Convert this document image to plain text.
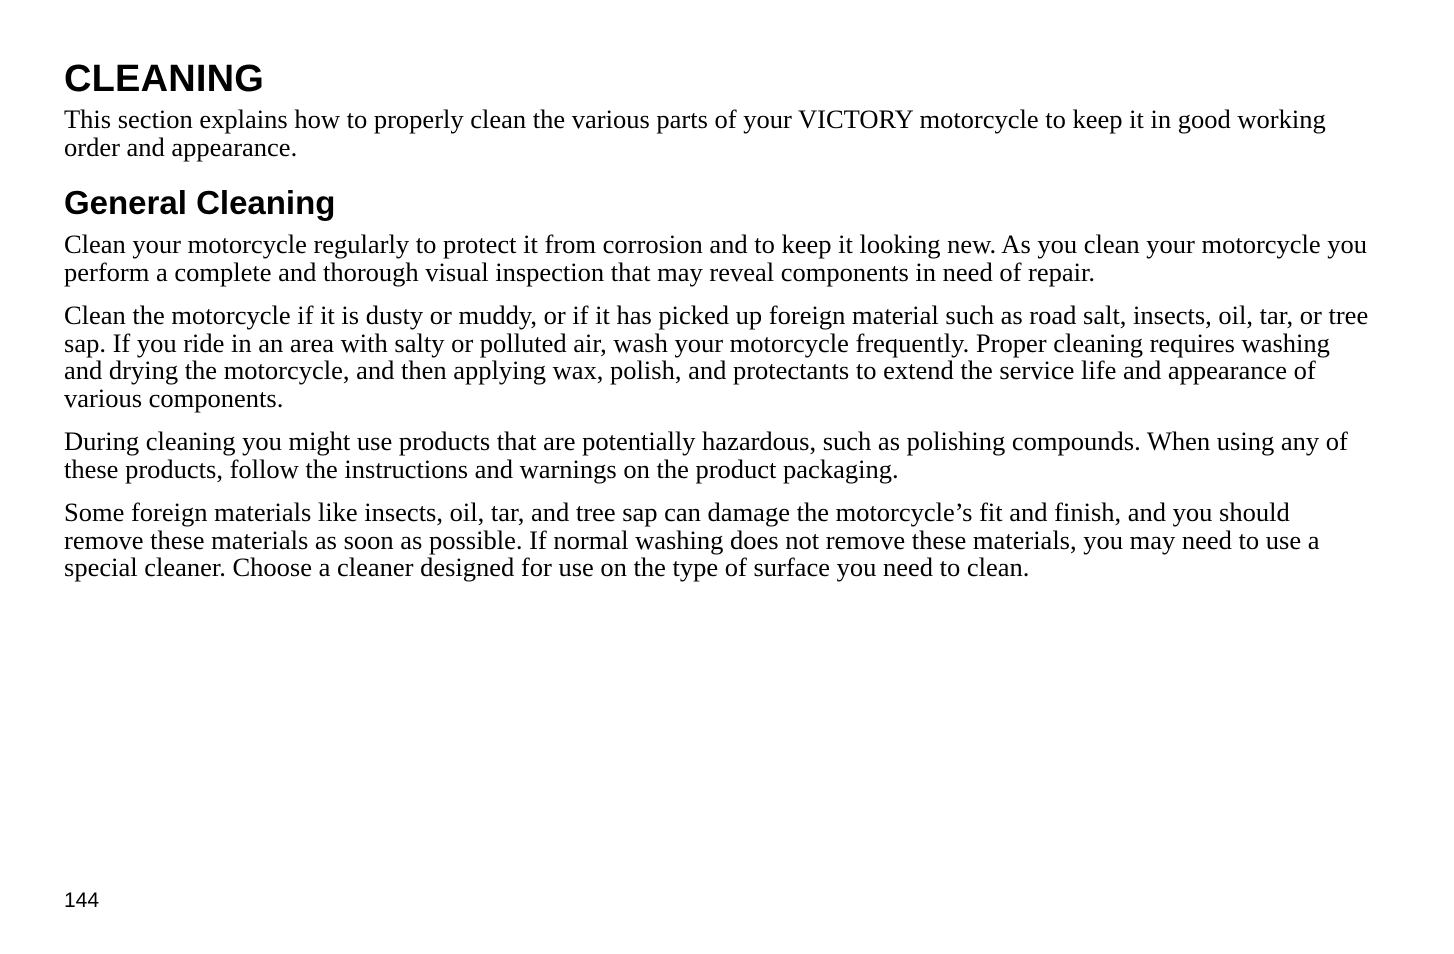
CLEANING

This section explains how to properly clean the various parts of your VICTORY motorcycle to keep it in good working order and appearance.

General Cleaning

Clean your motorcycle regularly to protect it from corrosion and to keep it looking new. As you clean your motorcycle you perform a complete and thorough visual inspection that may reveal components in need of repair.

Clean the motorcycle if it is dusty or muddy, or if it has picked up foreign material such as road salt, insects, oil, tar, or tree sap. If you ride in an area with salty or polluted air, wash your motorcycle frequently. Proper cleaning requires washing and drying the motorcycle, and then applying wax, polish, and protectants to extend the service life and appearance of various components.

During cleaning you might use products that are potentially hazardous, such as polishing compounds. When using any of these products, follow the instructions and warnings on the product packaging.

Some foreign materials like insects, oil, tar, and tree sap can damage the motorcycle’s fit and finish, and you should remove these materials as soon as possible. If normal washing does not remove these materials, you may need to use a special cleaner. Choose a cleaner designed for use on the type of surface you need to clean.

144
